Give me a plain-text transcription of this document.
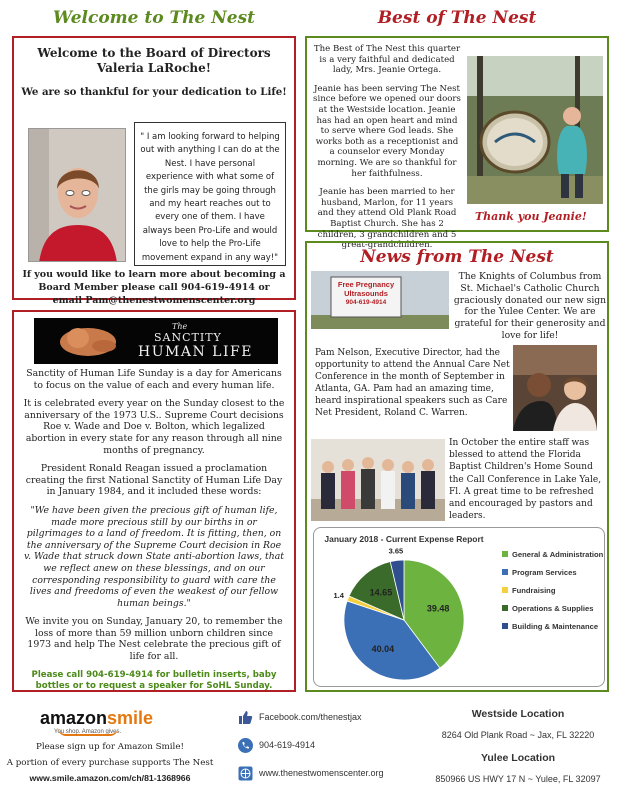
Welcome to The Nest	Best of The Nest
Welcome to the Board of Directors Valeria LaRoche!
We are so thankful for your dedication to Life!
" I am looking forward to helping out with anything I can do at the Nest. I have personal experience with what some of the girls may be going through and my heart reaches out to every one of them. I have always been Pro-Life and would love to help the Pro-Life movement expand in any way!"
If you would like to learn more about becoming a Board Member please call 904-619-4914 or email Pam@thenestwomenscenter.org
The
SANCTITY
HUMAN LIFE

Sanctity of Human Life Sunday is a day for Americans to focus on the value of each and every human life.

It is celebrated every year on the Sunday closest to the anniversary of the 1973 U.S.. Supreme Court decisions Roe v. Wade and Doe v. Bolton, which legalized abortion in every state for any reason through all nine months of pregnancy.

President Ronald Reagan issued a proclamation creating the first National Sanctity of Human Life Day in January 1984, and it included these words:

"We have been given the precious gift of human life, made more precious still by our births in or pilgrimages to a land of freedom. It is fitting, then, on the anniversary of the Supreme Court decision in Roe v. Wade that struck down State anti-abortion laws, that we reflect anew on these blessings, and on our corresponding responsibility to guard with care the lives and freedoms of even the weakest of our fellow human beings."

We invite you on Sunday, January 20, to remember the loss of more than 59 million unborn children since 1973 and help The Nest celebrate the precious gift of life for all.

Please call 904-619-4914 for bulletin inserts, baby bottles or to request a speaker for SoHL Sunday.

The Best of The Nest this quarter is a very faithful and dedicated lady, Mrs. Jeanie Ortega.

Jeanie has been serving The Nest since before we opened our doors at the Westside location. Jeanie has had an open heart and mind to serve where God leads. She works both as a receptionist and a counselor every Monday morning. We are so thankful for her faithfulness.

Jeanie has been married to her husband, Marlon, for 11 years and they attend Old Plank Road Baptist Church. She has 2 children, 3 grandchildren and 5 great-grandchildren.

Thank you Jeanie!
News from The Nest
Free Pregnancy
Ultrasounds
904-619-4914
The Knights of Columbus from St. Michael's Catholic Church graciously donated our new sign for the Yulee Center. We are grateful for their generosity and love for life!
Pam Nelson, Executive Director, had the opportunity to attend the Annual Care Net Conference in the month of September in Atlanta, GA. Pam had an amazing time, heard inspirational speakers such as Care Net President, Roland C. Warren.
In October the entire staff was blessed to attend the Florida Baptist Children's Home Sound the Call Conference in Lake Yale, Fl. A great time to be refreshed and encouraged by pastors and leaders.
January 2018 - Current Expense Report
39.48
40.04
1.4	14.65
3.65	General & Administration
Program Services
Fundraising
Operations & Supplies
Building & Maintenance
amazonsmile
You shop. Amazon gives.
Please sign up for Amazon Smile!
A portion of every purchase supports The Nest
www.smile.amazon.com/ch/81-1368966
Facebook.com/thenestjax
904-619-4914
www.thenestwomenscenter.org
Westside Location
8264 Old Plank Road ~ Jax, FL 32220
Yulee Location
850966 US HWY 17 N ~ Yulee, FL 32097
